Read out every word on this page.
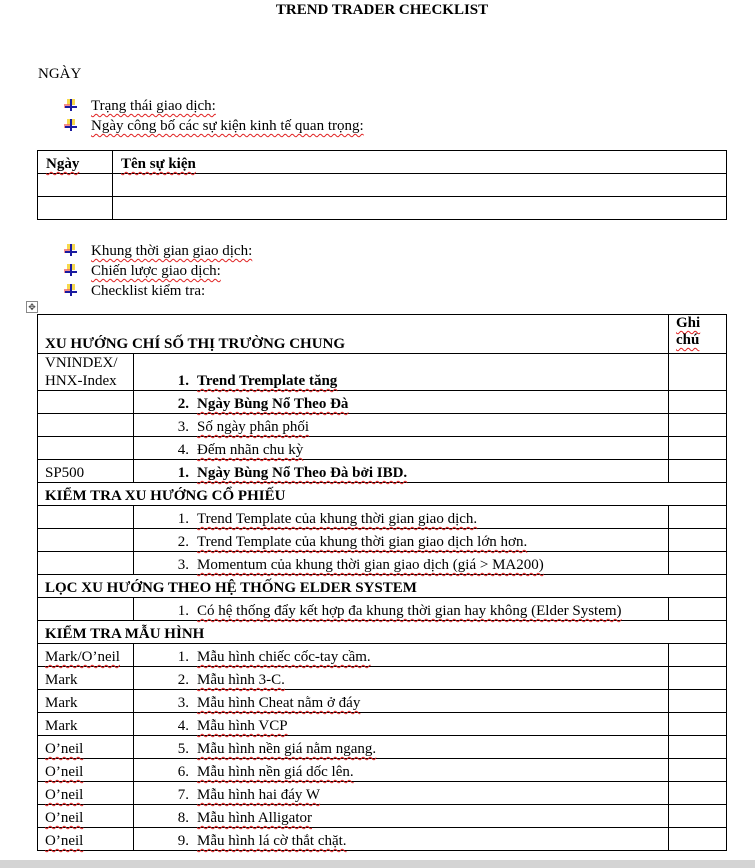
TREND TRADER CHECKLIST
NGÀY
Trạng thái giao dịch:
Ngày công bố các sự kiện kinh tế quan trọng:
Ngày	Tên sự kiện

Khung thời gian giao dịch:
Chiến lược giao dịch:
Checklist kiểm tra:
✥
XU HƯỚNG CHÍ SỐ THỊ TRƯỜNG CHUNG		Ghi chú
VNINDEX/ HNX-Index	1. Trend Tremplate tăng	
	2. Ngày Bùng Nổ Theo Đà	
	3. Số ngày phân phối	
	4. Đếm nhãn chu kỳ	
SP500	1. Ngày Bùng Nổ Theo Đà bởi IBD.	
KIỂM TRA XU HƯỚNG CỔ PHIẾU		
	1. Trend Template của khung thời gian giao dịch.	
	2. Trend Template của khung thời gian giao dịch lớn hơn.	
	3. Momentum của khung thời gian giao dịch (giá > MA200)	
LỌC XU HƯỚNG THEO HỆ THỐNG ELDER SYSTEM		
	1. Có hệ thống đẩy kết hợp đa khung thời gian hay không (Elder System)	
KIỂM TRA MẪU HÌNH		
Mark/O’neil	1. Mẫu hình chiếc cốc-tay cầm.	
Mark	2. Mẫu hình 3-C.	
Mark	3. Mẫu hình Cheat nằm ở đáy	
Mark	4. Mẫu hình VCP	
O’neil	5. Mẫu hình nền giá nằm ngang.	
O’neil	6. Mẫu hình nền giá dốc lên.	
O’neil	7. Mẫu hình hai đáy W	
O’neil	8. Mẫu hình Alligator	
O’neil	9. Mẫu hình lá cờ thắt chặt.	
